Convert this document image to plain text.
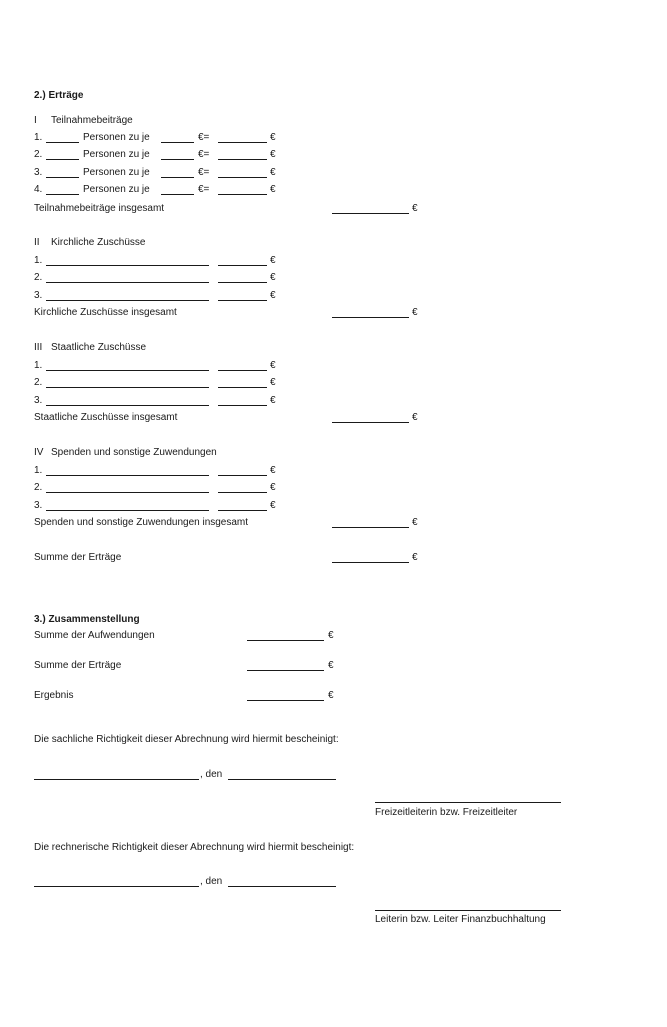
2.) Erträge
I Teilnahmebeiträge
1.	Personen zu je	€=	€
2.	Personen zu je	€=	€
3.	Personen zu je	€=	€
4.	Personen zu je	€=	€
Teilnahmebeiträge insgesamt	€
II Kirchliche Zuschüsse
1.	€
2.	€
3.	€
Kirchliche Zuschüsse insgesamt	€
III Staatliche Zuschüsse
1.	€
2.	€
3.	€
Staatliche Zuschüsse insgesamt	€
IV Spenden und sonstige Zuwendungen
1.	€
2.	€
3.	€
Spenden und sonstige Zuwendungen insgesamt	€
Summe der Erträge	€
3.) Zusammenstellung
Summe der Aufwendungen	€
Summe der Erträge	€
Ergebnis	€
Die sachliche Richtigkeit dieser Abrechnung wird hiermit bescheinigt:
, den
Freizeitleiterin bzw. Freizeitleiter
Die rechnerische Richtigkeit dieser Abrechnung wird hiermit bescheinigt:
, den
Leiterin bzw. Leiter Finanzbuchhaltung
